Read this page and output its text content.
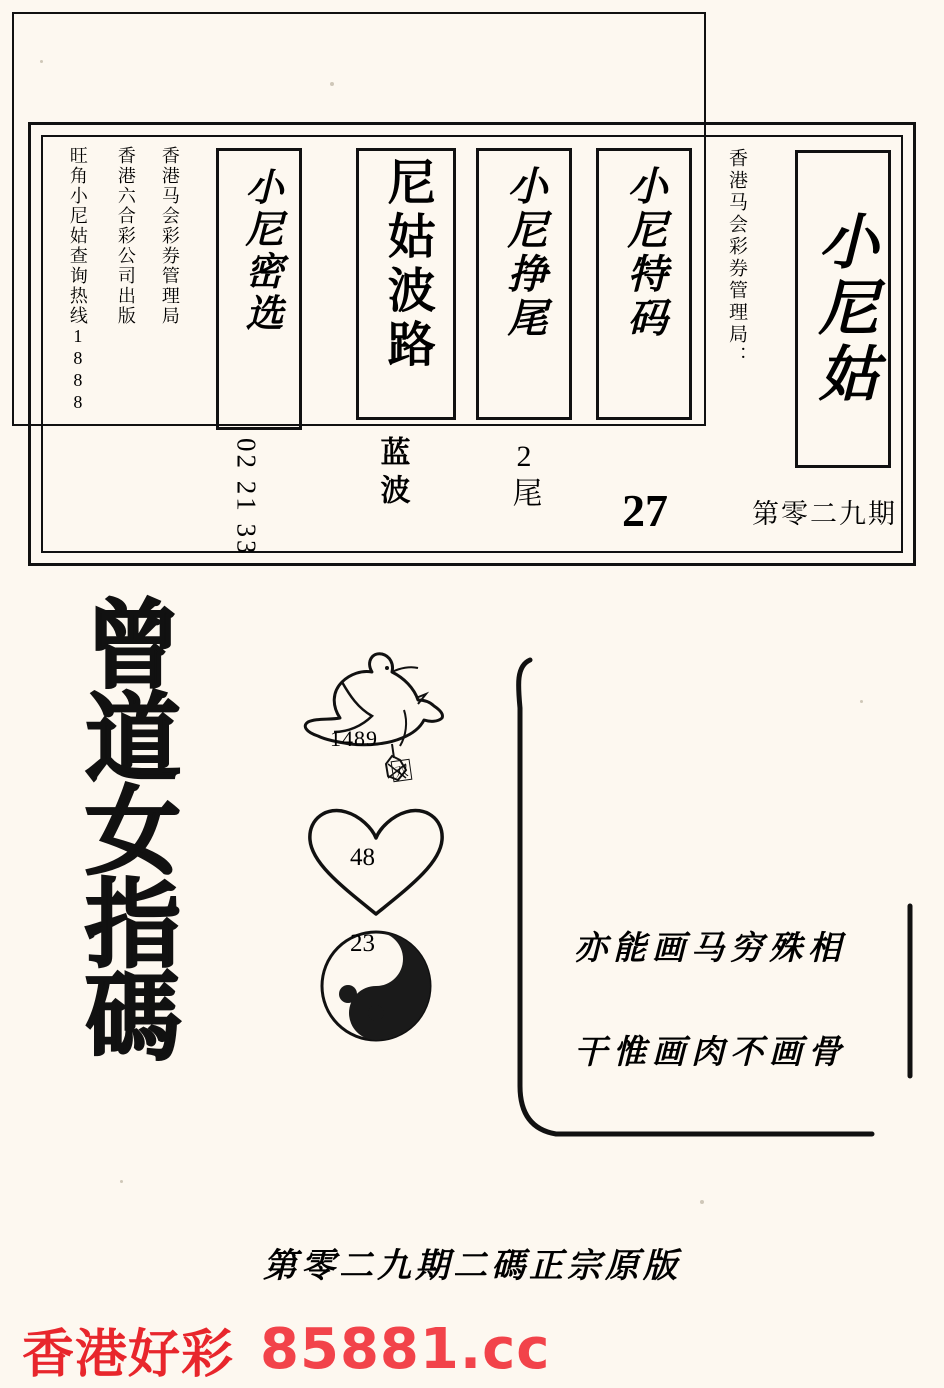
小尼姑
香港马会彩券管理局：
第零二九期
小尼特码
27
小尼挣尾
2尾
尼姑波路
蓝波
小尼密选
02 21 33
香港马会彩券管理局
香港六合彩公司出版
旺角小尼姑查询热线1888
曾
道
女
指
碼
1489
双
48
23	亦能画马穷殊相
干惟画肉不画骨
第零二九期二碼正宗原版
香港好彩 85881.cc
